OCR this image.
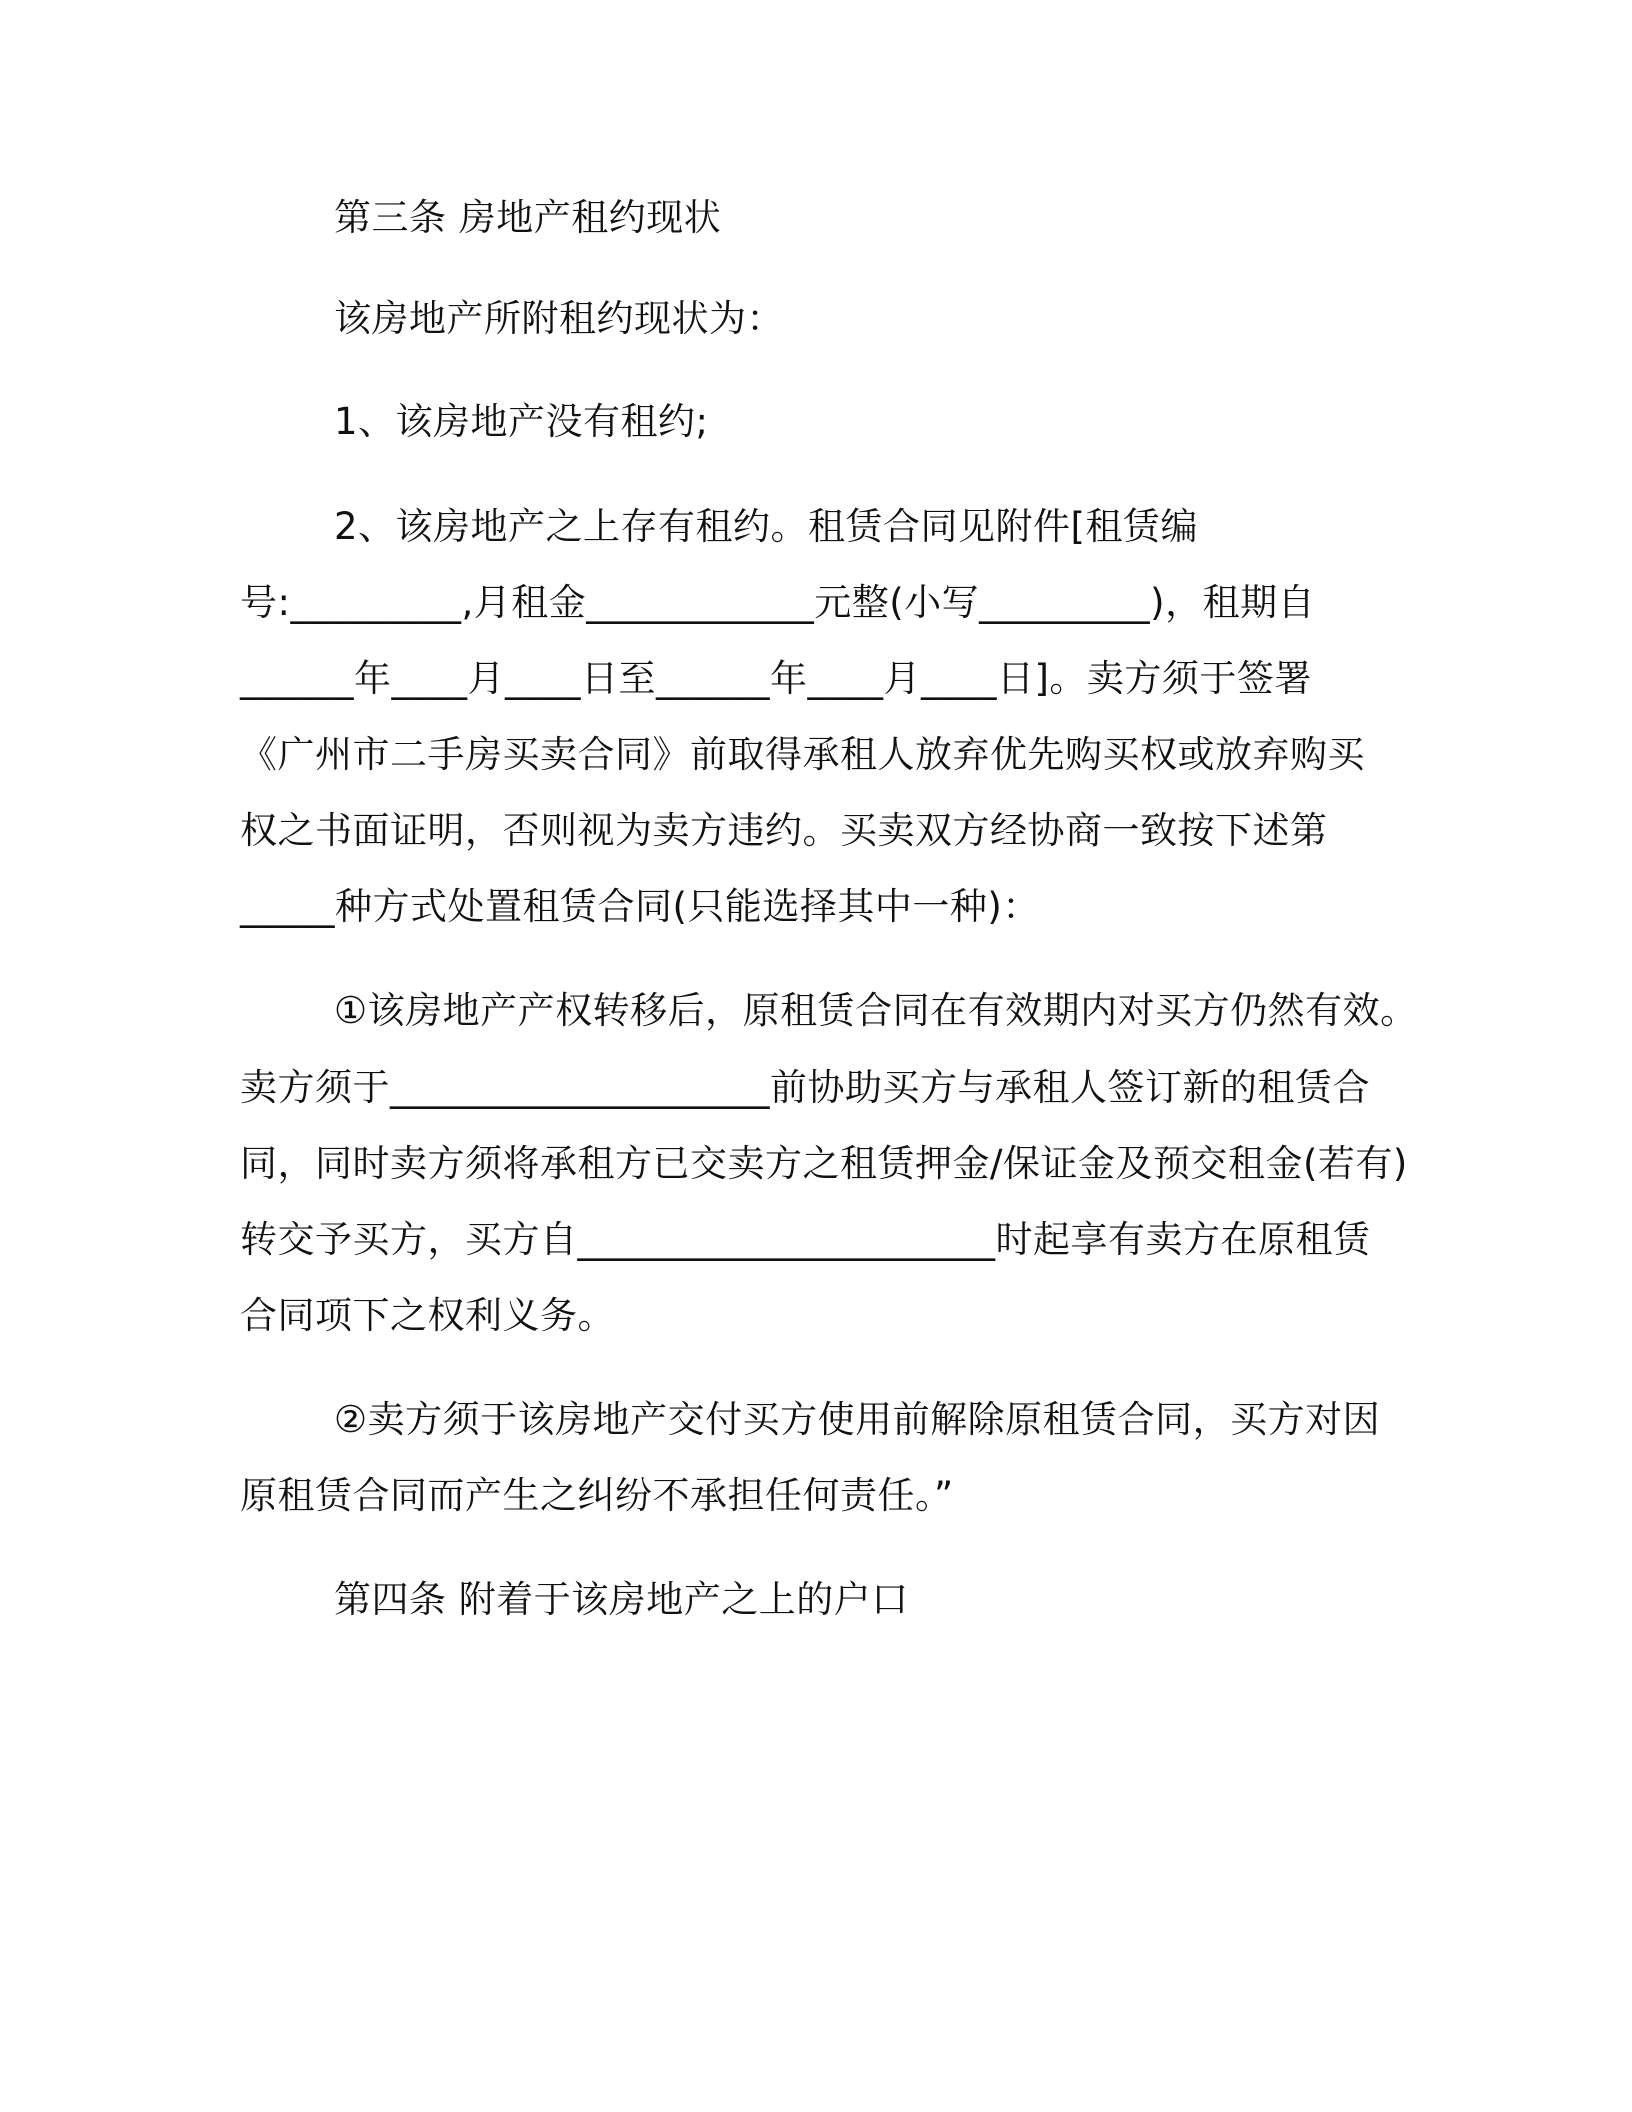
第三条 房地产租约现状
该房地产所附租约现状为：
1、该房地产没有租约;
2、该房地产之上存有租约。租赁合同见附件[租赁编
号:_________,月租金____________元整(小写_________)，租期自
______年____月____日至______年____月____日]。卖方须于签署
《广州市二手房买卖合同》前取得承租人放弃优先购买权或放弃购买
权之书面证明，否则视为卖方违约。买卖双方经协商一致按下述第
_____种方式处置租赁合同(只能选择其中一种)：
①该房地产产权转移后，原租赁合同在有效期内对买方仍然有效。
卖方须于____________________前协助买方与承租人签订新的租赁合
同，同时卖方须将承租方已交卖方之租赁押金/保证金及预交租金(若有)
转交予买方，买方自______________________时起享有卖方在原租赁
合同项下之权利义务。
②卖方须于该房地产交付买方使用前解除原租赁合同，买方对因
原租赁合同而产生之纠纷不承担任何责任。”
第四条 附着于该房地产之上的户口
